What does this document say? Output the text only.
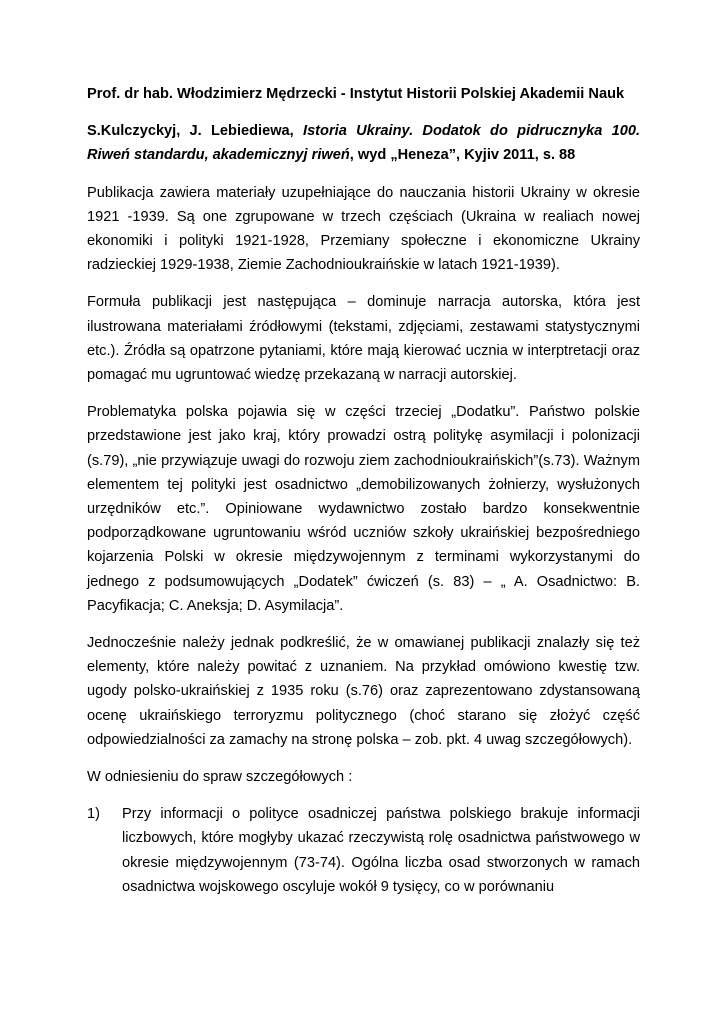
Prof. dr hab. Włodzimierz Mędrzecki - Instytut Historii Polskiej Akademii Nauk
S.Kulczyckyj, J. Lebiediewa, Istoria Ukrainy. Dodatok do pidrucznyka 100. Riweń standardu, akademicznyj riweń, wyd „Heneza”, Kyjiv 2011, s. 88

Publikacja zawiera materiały uzupełniające do nauczania historii Ukrainy w okresie 1921 -1939. Są one zgrupowane w trzech częściach (Ukraina w realiach nowej ekonomiki i polityki 1921-1928, Przemiany społeczne i ekonomiczne Ukrainy radzieckiej 1929-1938, Ziemie Zachodnioukraińskie w latach 1921-1939).

Formuła publikacji jest następująca – dominuje narracja autorska, która jest ilustrowana materiałami źródłowymi (tekstami, zdjęciami, zestawami statystycznymi etc.). Źródła są opatrzone pytaniami, które mają kierować ucznia w interptretacji oraz pomagać mu ugruntować wiedzę przekazaną w narracji autorskiej.

Problematyka polska pojawia się w części trzeciej „Dodatku”. Państwo polskie przedstawione jest jako kraj, który prowadzi ostrą politykę asymilacji i polonizacji (s.79), „nie przywiązuje uwagi do rozwoju ziem zachodnioukraińskich”(s.73). Ważnym elementem tej polityki jest osadnictwo „demobilizowanych żołnierzy, wysłużonych urzędników etc.”. Opiniowane wydawnictwo zostało bardzo konsekwentnie podporządkowane ugruntowaniu wśród uczniów szkoły ukraińskiej bezpośredniego kojarzenia Polski w okresie międzywojennym z terminami wykorzystanymi do jednego z podsumowujących „Dodatek” ćwiczeń (s. 83) – „ A. Osadnictwo: B. Pacyfikacja; C. Aneksja; D. Asymilacja”.

Jednocześnie należy jednak podkreślić, że w omawianej publikacji znalazły się też elementy, które należy powitać z uznaniem. Na przykład omówiono kwestię tzw. ugody polsko-ukraińskiej z 1935 roku (s.76) oraz zaprezentowano zdystansowaną ocenę ukraińskiego terroryzmu politycznego (choć starano się złożyć część odpowiedzialności za zamachy na stronę polska – zob. pkt. 4 uwag szczegółowych).

W odniesieniu do spraw szczegółowych :

1)	Przy informacji o polityce osadniczej państwa polskiego brakuje informacji liczbowych, które mogłyby ukazać rzeczywistą rolę osadnictwa państwowego w okresie międzywojennym (73-74). Ogólna liczba osad stworzonych w ramach osadnictwa wojskowego oscyluje wokół 9 tysięcy, co w porównaniu
